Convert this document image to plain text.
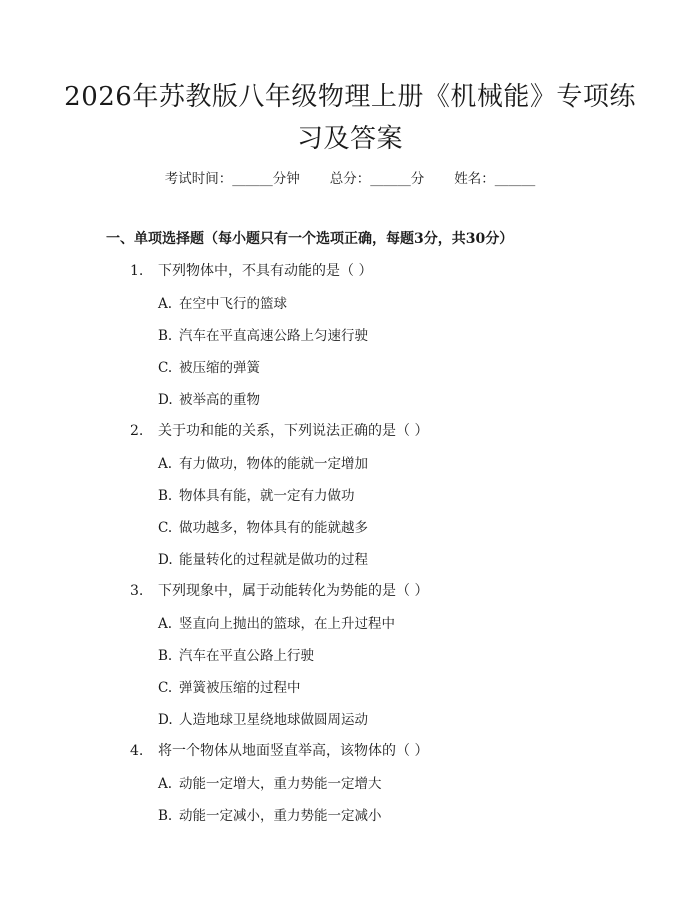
2026年苏教版八年级物理上册《机械能》专项练习及答案
考试时间：______分钟 总分：______分 姓名：______
一、单项选择题（每小题只有一个选项正确，每题3分，共30分）
1. 下列物体中，不具有动能的是（ ）
A. 在空中飞行的篮球
B. 汽车在平直高速公路上匀速行驶
C. 被压缩的弹簧
D. 被举高的重物
2. 关于功和能的关系，下列说法正确的是（ ）
A. 有力做功，物体的能就一定增加
B. 物体具有能，就一定有力做功
C. 做功越多，物体具有的能就越多
D. 能量转化的过程就是做功的过程
3. 下列现象中，属于动能转化为势能的是（ ）
A. 竖直向上抛出的篮球，在上升过程中
B. 汽车在平直公路上行驶
C. 弹簧被压缩的过程中
D. 人造地球卫星绕地球做圆周运动
4. 将一个物体从地面竖直举高，该物体的（ ）
A. 动能一定增大，重力势能一定增大
B. 动能一定减小，重力势能一定减小
